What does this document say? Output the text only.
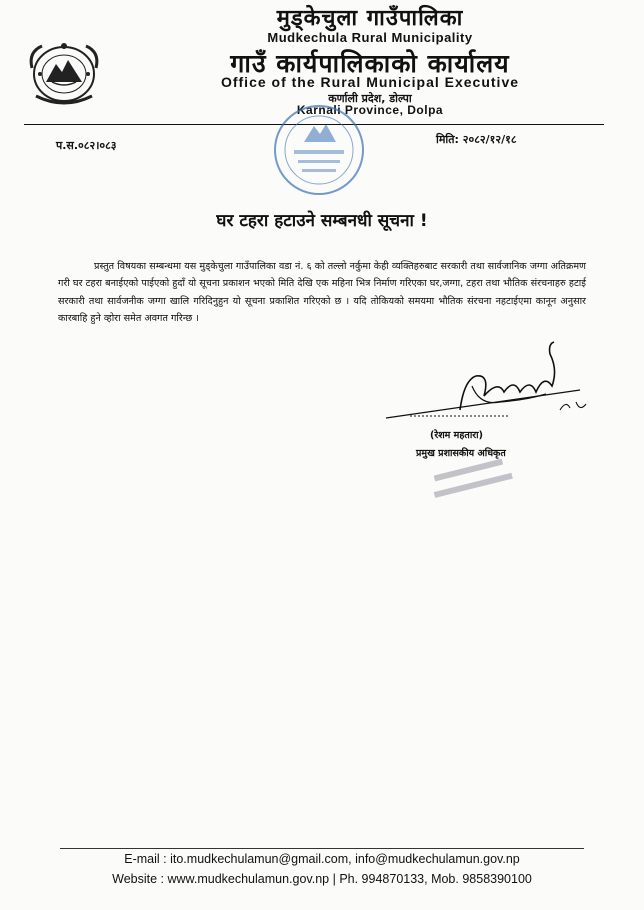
मुड्केचुला गाउँपालिका
Mudkechula Rural Municipality
गाउँ कार्यपालिकाको कार्यालय
Office of the Rural Municipal Executive
कर्णाली प्रदेश, डोल्पा
Karnali Province, Dolpa
प.स.०८२।०८३	मिति: २०८२/१२/१८
घर टहरा हटाउने सम्बनधी सूचना !

प्रस्तुत विषयका सम्बन्धमा यस मुड्केचुला गाउँपालिका वडा नं. ६ को तल्लो नर्कुमा केही व्यक्तिहरुबाट सरकारी तथा सार्वजानिक जग्गा अतिक्रमण गरी घर टहरा बनाईएको पाईएको हुदाँ यो सूचना प्रकाशन भएको मिति देखि एक महिना भित्र निर्माण गरिएका घर,जग्गा, टहरा तथा भौतिक संरचनाहरु हटाई सरकारी तथा सार्वजनीक जग्गा खालि गरिदिनुहुन यो सूचना प्रकाशित गरिएको छ । यदि तोकियको समयमा भौतिक संरचना नहटाईएमा कानून अनुसार कारबाहि हुने व्होरा समेत अवगत गरिन्छ ।

(रेशम महतारा)
प्रमुख प्रशासकीय अधिकृत
E-mail : ito.mudkechulamun@gmail.com, info@mudkechulamun.gov.np
Website : www.mudkechulamun.gov.np | Ph. 994870133, Mob. 9858390100
